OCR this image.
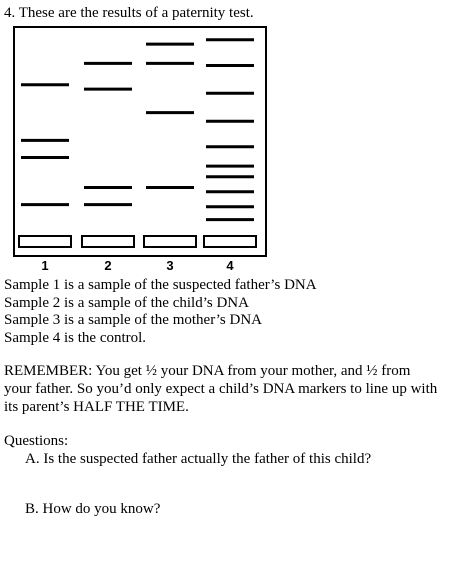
4. These are the results of a paternity test.
1	2	3	4
Sample 1 is a sample of the suspected father’s DNA
Sample 2 is a sample of the child’s DNA
Sample 3 is a sample of the mother’s DNA
Sample 4 is the control.
REMEMBER: You get ½ your DNA from your mother, and ½ from
your father. So you’d only expect a child’s DNA markers to line up with
its parent’s HALF THE TIME.
Questions:
A. Is the suspected father actually the father of this child?
B. How do you know?
